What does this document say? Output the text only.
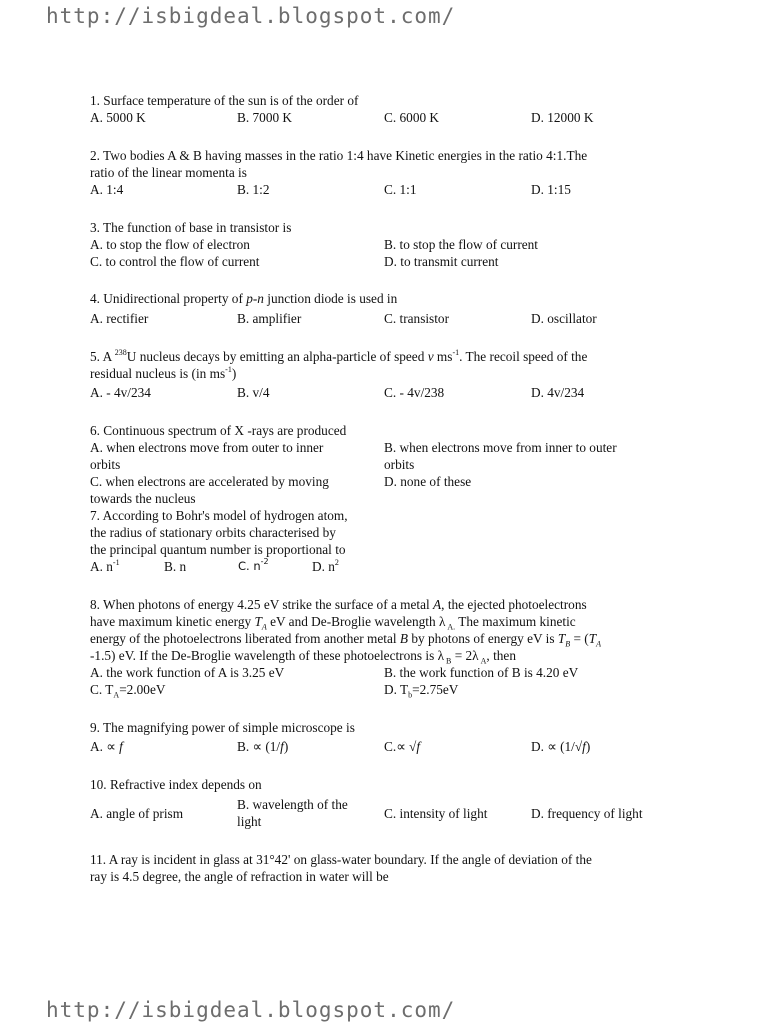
http://isbigdeal.blogspot.com/

1. Surface temperature of the sun is of the order of

A. 5000 K	B. 7000 K	C. 6000 K	D. 12000 K

2. Two bodies A & B having masses in the ratio 1:4 have Kinetic energies in the ratio 4:1.The

ratio of the linear momenta is

A. 1:4	B. 1:2	C. 1:1	D. 1:15

3. The function of base in transistor is

A. to stop the flow of electron	B. to stop the flow of current
C. to control the flow of current	D. to transmit current

4. Unidirectional property of p-n junction diode is used in

A. rectifier	B. amplifier	C. transistor	D. oscillator

5. A $^{238}$U nucleus decays by emitting an alpha-particle of speed v $ms^{-1}$. The recoil speed of the

residual nucleus is (in $ms^{-1}$)

A. - 4v/234	B. v/4	C. - 4v/238	D. 4v/234

6. Continuous spectrum of X -rays are produced

A. when electrons move from outer to inner
orbits
B. when electrons move from inner to outer
orbits
C. when electrons are accelerated by moving
towards the nucleus
D. none of these

7. According to Bohr's model of hydrogen atom,

the radius of stationary orbits characterised by

the principal quantum number is proportional to

A. $n^{-1}$	B. n	C. $n^{-2}$	D. $n^2$

8. When photons of energy 4.25 eV strike the surface of a metal A, the ejected photoelectrons

have maximum kinetic energy $T_A$ eV and De-Broglie wavelength λ $_{A.}$ The maximum kinetic

energy of the photoelectrons liberated from another metal B by photons of energy eV is $T_B = (T_A$

-1.5) eV. If the De-Broglie wavelength of these photoelectrons is λ $_B$ = 2λ $_A$, then

A. the work function of A is 3.25 eV	B. the work function of B is 4.20 eV
C. $T_A=2.00eV$	D. $T_b=2.75eV$

9. The magnifying power of simple microscope is

A. ∝ f	B. ∝ (1/f)	C.∝ √f	D. ∝ (1/√f)

10. Refractive index depends on

A. angle of prism
B. wavelength of the
light
C. intensity of light	D. frequency of light

11. A ray is incident in glass at 31°42' on glass-water boundary. If the angle of deviation of the

ray is 4.5 degree, the angle of refraction in water will be

http://isbigdeal.blogspot.com/
